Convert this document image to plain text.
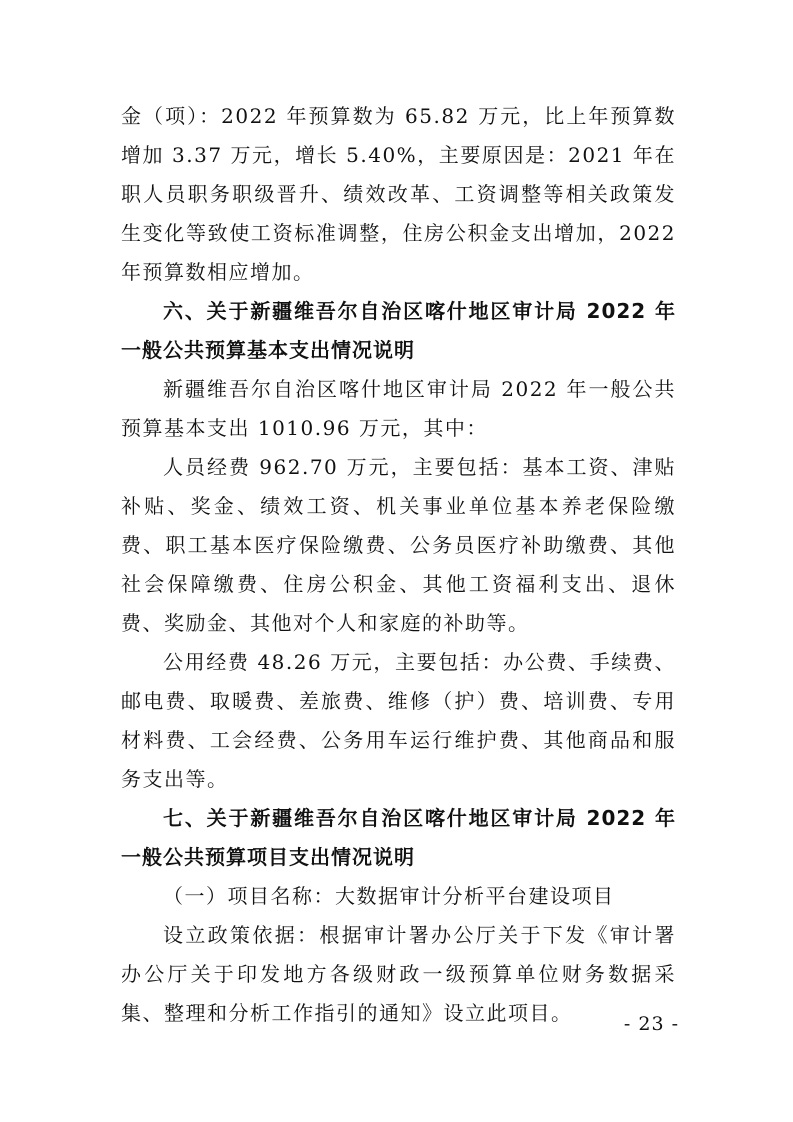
金（项）：2022 年预算数为 65.82 万元，比上年预算数增加 3.37 万元，增长 5.40%，主要原因是：2021 年在职人员职务职级晋升、绩效改革、工资调整等相关政策发生变化等致使工资标准调整，住房公积金支出增加，2022 年预算数相应增加。

六、关于新疆维吾尔自治区喀什地区审计局 2022 年一般公共预算基本支出情况说明

新疆维吾尔自治区喀什地区审计局 2022 年一般公共预算基本支出 1010.96 万元，其中：

人员经费 962.70 万元，主要包括：基本工资、津贴补贴、奖金、绩效工资、机关事业单位基本养老保险缴费、职工基本医疗保险缴费、公务员医疗补助缴费、其他社会保障缴费、住房公积金、其他工资福利支出、退休费、奖励金、其他对个人和家庭的补助等。

公用经费 48.26 万元，主要包括：办公费、手续费、邮电费、取暖费、差旅费、维修（护）费、培训费、专用材料费、工会经费、公务用车运行维护费、其他商品和服务支出等。

七、关于新疆维吾尔自治区喀什地区审计局 2022 年一般公共预算项目支出情况说明

（一）项目名称：大数据审计分析平台建设项目

设立政策依据：根据审计署办公厅关于下发《审计署办公厅关于印发地方各级财政一级预算单位财务数据采集、整理和分析工作指引的通知》设立此项目。	- 23 -
